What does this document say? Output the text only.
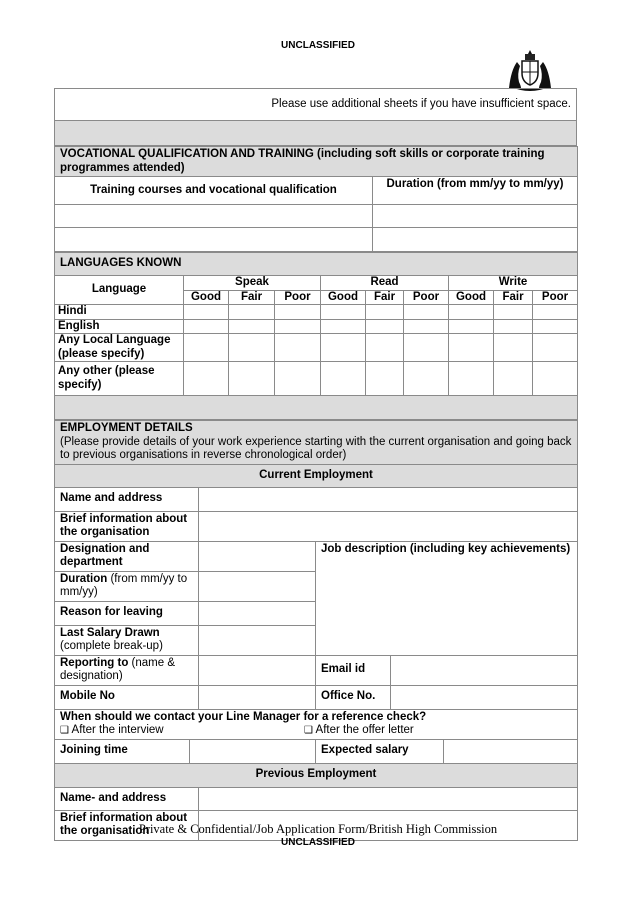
UNCLASSIFIED
Please use additional sheets if you have insufficient space.

VOCATIONAL QUALIFICATION AND TRAINING (including soft skills or corporate training programmes attended)	
Training courses and vocational qualification	Duration (from mm/yy to mm/yy)

LANGUAGES KNOWN									
Language	Speak			Read			Write		
	Good	Fair	Poor	Good	Fair	Poor	Good	Fair	Poor
Hindi									
English									
Any Local Language (please specify)									
Any other (please specify)									

EMPLOYMENT DETAILS
(Please provide details of your work experience starting with the current organisation and going back to previous organisations in reverse chronological order)					

Current Employment					
Name and address					
Brief information about the organisation					
Designation and department			Job description (including key achievements)		
Duration (from mm/yy to mm/yy)					
Reason for leaving					

Last Salary Drawn
(complete break-up)					

Reporting to (name & designation)			Email id		
Mobile No			Office No.		

When should we contact your Line Manager for a reference check?
❑ After the interview ❑ After the offer letter					

Joining time			Expected salary		
Previous Employment					
Name- and address					
Brief information about the organisation					
Private & Confidential/Job Application Form/British High Commission
UNCLASSIFIED
